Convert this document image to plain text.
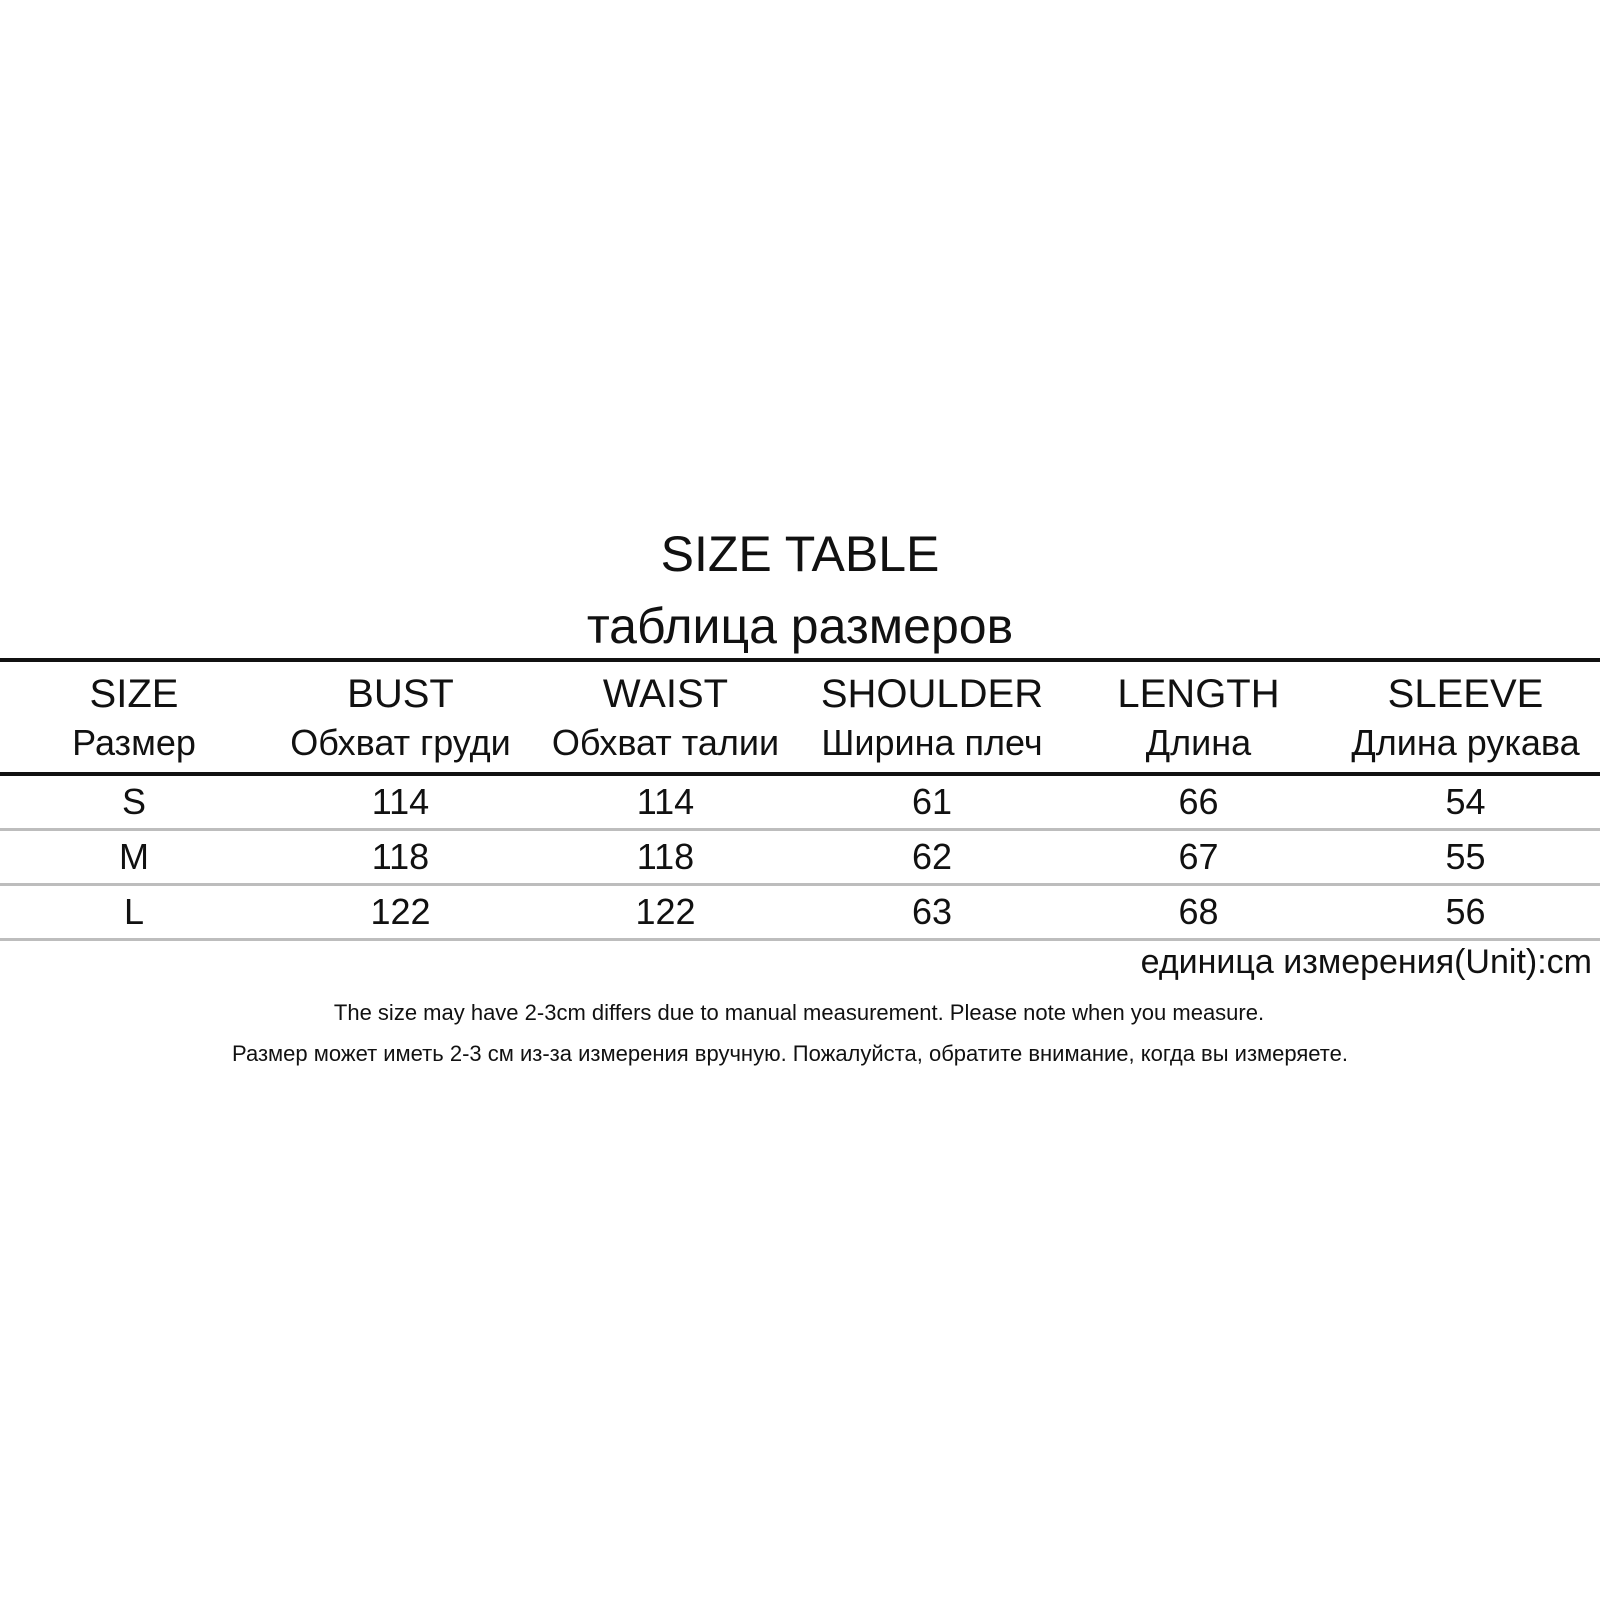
SIZE TABLE
таблица размеров
SIZE	BUST	WAIST	SHOULDER	LENGTH	SLEEVE
Размер	Обхват груди	Обхват талии	Ширина плеч	Длина	Длина рукава
S	114	114	61	66	54
M	118	118	62	67	55
L	122	122	63	68	56
единица измерения(Unit):cm
The size may have 2-3cm differs due to manual measurement. Please note when you measure.
Размер может иметь 2-3 см из-за измерения вручную. Пожалуйста, обратите внимание, когда вы измеряете.
